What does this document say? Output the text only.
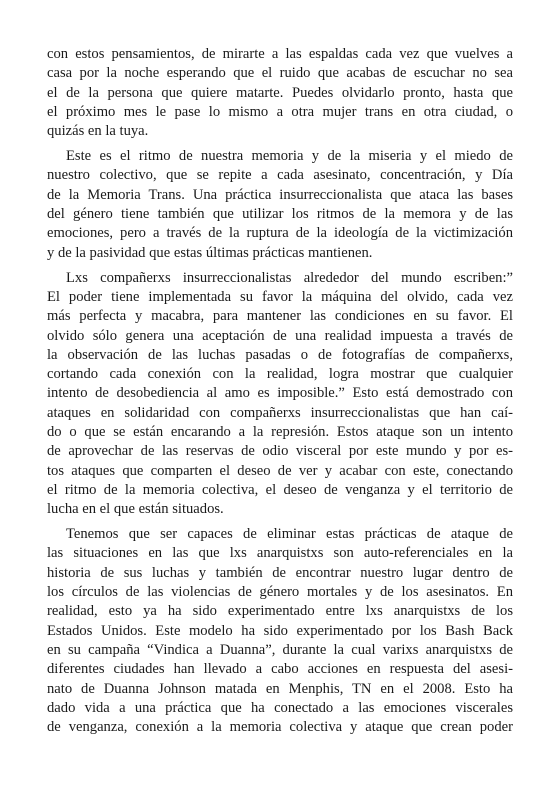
con estos pensamientos, de mirarte a las espaldas cada vez que vuelves a
casa por la noche esperando que el ruido que acabas de escuchar no sea
el de la persona que quiere matarte. Puedes olvidarlo pronto, hasta que
el próximo mes le pase lo mismo a otra mujer trans en otra ciudad, o
quizás en la tuya.
Este es el ritmo de nuestra memoria y de la miseria y el miedo de
nuestro colectivo, que se repite a cada asesinato, concentración, y Día
de la Memoria Trans. Una práctica insurreccionalista que ataca las bases
del género tiene también que utilizar los ritmos de la memora y de las
emociones, pero a través de la ruptura de la ideología de la victimización
y de la pasividad que estas últimas prácticas mantienen.
Lxs compañerxs insurreccionalistas alrededor del mundo escriben:”
El poder tiene implementada su favor la máquina del olvido, cada vez
más perfecta y macabra, para mantener las condiciones en su favor. El
olvido sólo genera una aceptación de una realidad impuesta a través de
la observación de las luchas pasadas o de fotografías de compañerxs,
cortando cada conexión con la realidad, logra mostrar que cualquier
intento de desobediencia al amo es imposible.” Esto está demostrado con
ataques en solidaridad con compañerxs insurreccionalistas que han caí-
do o que se están encarando a la represión. Estos ataque son un intento
de aprovechar de las reservas de odio visceral por este mundo y por es-
tos ataques que comparten el deseo de ver y acabar con este, conectando
el ritmo de la memoria colectiva, el deseo de venganza y el territorio de
lucha en el que están situados.
Tenemos que ser capaces de eliminar estas prácticas de ataque de
las situaciones en las que lxs anarquistxs son auto-referenciales en la
historia de sus luchas y también de encontrar nuestro lugar dentro de
los círculos de las violencias de género mortales y de los asesinatos. En
realidad, esto ya ha sido experimentado entre lxs anarquistxs de los
Estados Unidos. Este modelo ha sido experimentado por los Bash Back
en su campaña “Vindica a Duanna”, durante la cual varixs anarquistxs de
diferentes ciudades han llevado a cabo acciones en respuesta del asesi-
nato de Duanna Johnson matada en Menphis, TN en el 2008. Esto ha
dado vida a una práctica que ha conectado a las emociones viscerales
de venganza, conexión a la memoria colectiva y ataque que crean poder
